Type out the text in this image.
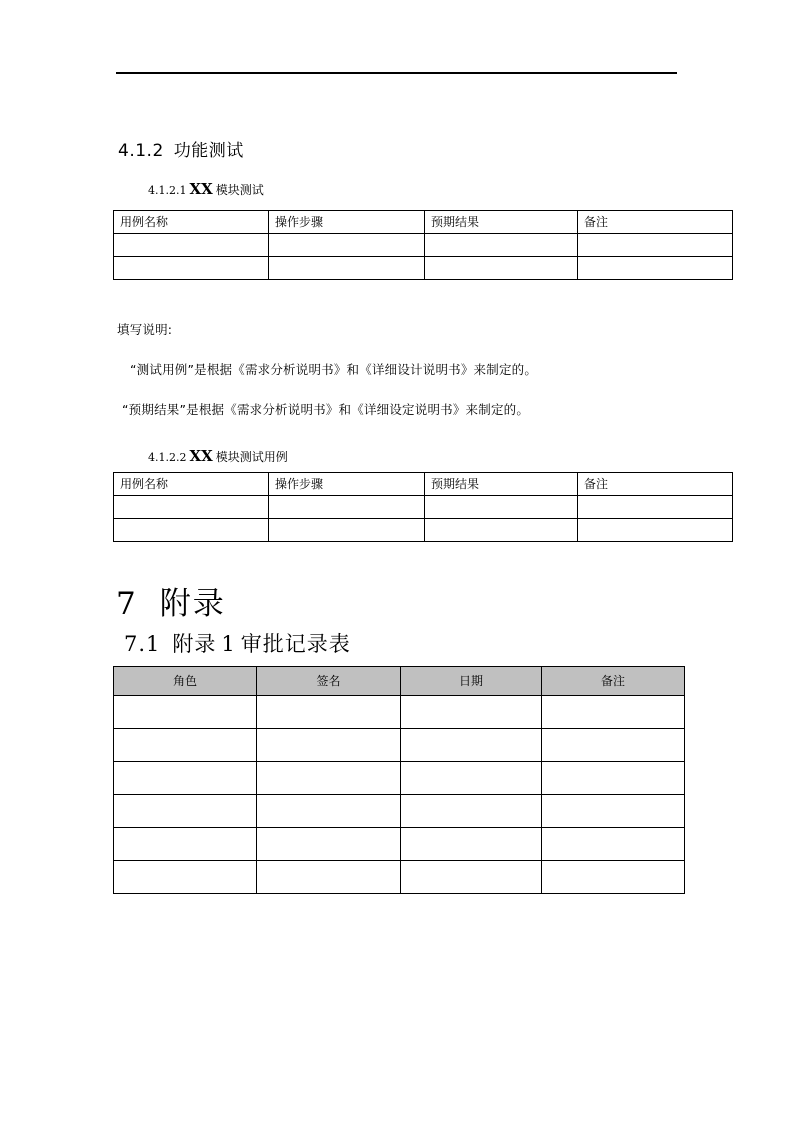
4.1.2 功能测试
4.1.2.1 XX 模块测试
用例名称	操作步骤	预期结果	备注

填写说明:
“测试用例”是根据《需求分析说明书》和《详细设计说明书》来制定的。
“预期结果”是根据《需求分析说明书》和《详细设定说明书》来制定的。
4.1.2.2 XX 模块测试用例
用例名称	操作步骤	预期结果	备注

7 附录
7.1 附录 1 审批记录表
角色	签名	日期	备注
